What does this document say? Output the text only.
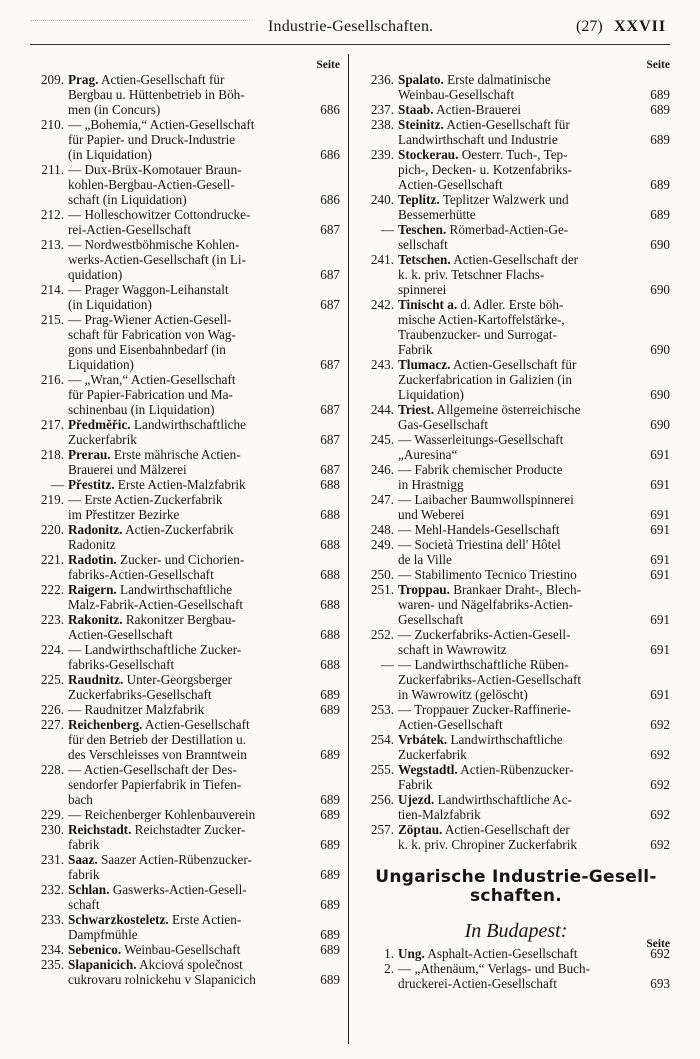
Industrie-Gesellschaften.	(27) XXVII
Seite
209. Prag. Actien-Gesellschaft für
Bergbau u. Hüttenbetrieb in Böh-
men (in Concurs)	686
210. — „Bohemia,“ Actien-Gesellschaft
für Papier- und Druck-Industrie
(in Liquidation)	686
211. — Dux-Brüx-Komotauer Braun-
kohlen-Bergbau-Actien-Gesell-
schaft (in Liquidation)	686
212. — Holleschowitzer Cottondrucke-
rei-Actien-Gesellschaft	687
213. — Nordwestböhmische Kohlen-
werks-Actien-Gesellschaft (in Li-
quidation)	687
214. — Prager Waggon-Leihanstalt
(in Liquidation)	687
215. — Prag-Wiener Actien-Gesell-
schaft für Fabrication von Wag-
gons und Eisenbahnbedarf (in
Liquidation)	687
216. — „Wran,“ Actien-Gesellschaft
für Papier-Fabrication und Ma-
schinenbau (in Liquidation)	687
217. Předměřic. Landwirthschaftliche
Zuckerfabrik	687
218. Prerau. Erste mährische Actien-
Brauerei und Mälzerei	687
— Přestitz. Erste Actien-Malzfabrik	688
219. — Erste Actien-Zuckerfabrik
im Přestitzer Bezirke	688
220. Radonitz. Actien-Zuckerfabrik
Radonitz	688
221. Radotin. Zucker- und Cichorien-
fabriks-Actien-Gesellschaft	688
222. Raigern. Landwirthschaftliche
Malz-Fabrik-Actien-Gesellschaft	688
223. Rakonitz. Rakonitzer Bergbau-
Actien-Gesellschaft	688
224. — Landwirthschaftliche Zucker-
fabriks-Gesellschaft	688
225. Raudnitz. Unter-Georgsberger
Zuckerfabriks-Gesellschaft	689
226. — Raudnitzer Malzfabrik	689
227. Reichenberg. Actien-Gesellschaft
für den Betrieb der Destillation u.
des Verschleisses von Branntwein	689
228. — Actien-Gesellschaft der Des-
sendorfer Papierfabrik in Tiefen-
bach	689
229. — Reichenberger Kohlenbauverein	689
230. Reichstadt. Reichstadter Zucker-
fabrik	689
231. Saaz. Saazer Actien-Rübenzucker-
fabrik	689
232. Schlan. Gaswerks-Actien-Gesell-
schaft	689
233. Schwarzkosteletz. Erste Actien-
Dampfmühle	689
234. Sebenico. Weinbau-Gesellschaft	689
235. Slapanicich. Akciová společnost
cukrovaru rolnickehu v Slapanicich	689
Seite
236. Spalato. Erste dalmatinische
Weinbau-Gesellschaft	689
237. Staab. Actien-Brauerei	689
238. Steinitz. Actien-Gesellschaft für
Landwirthschaft und Industrie	689
239. Stockerau. Oesterr. Tuch-, Tep-
pich-, Decken- u. Kotzenfabriks-
Actien-Gesellschaft	689
240. Teplitz. Teplitzer Walzwerk und
Bessemerhütte	689
— Teschen. Römerbad-Actien-Ge-
sellschaft	690
241. Tetschen. Actien-Gesellschaft der
k. k. priv. Tetschner Flachs-
spinnerei	690
242. Tinischt a. d. Adler. Erste böh-
mische Actien-Kartoffelstärke-,
Traubenzucker- und Surrogat-
Fabrik	690
243. Tlumacz. Actien-Gesellschaft für
Zuckerfabrication in Galizien (in
Liquidation)	690
244. Triest. Allgemeine österreichische
Gas-Gesellschaft	690
245. — Wasserleitungs-Gesellschaft
„Auresina“	691
246. — Fabrik chemischer Producte
in Hrastnigg	691
247. — Laibacher Baumwollspinnerei
und Weberei	691
248. — Mehl-Handels-Gesellschaft	691
249. — Società Triestina dell' Hôtel
de la Ville	691
250. — Stabilimento Tecnico Triestino	691
251. Troppau. Brankaer Draht-, Blech-
waren- und Nägelfabriks-Actien-
Gesellschaft	691
252. — Zuckerfabriks-Actien-Gesell-
schaft in Wawrowitz	691
— — Landwirthschaftliche Rüben-
Zuckerfabriks-Actien-Gesellschaft
in Wawrowitz (gelöscht)	691
253. — Troppauer Zucker-Raffinerie-
Actien-Gesellschaft	692
254. Vrbátek. Landwirthschaftliche
Zuckerfabrik	692
255. Wegstadtl. Actien-Rübenzucker-
Fabrik	692
256. Ujezd. Landwirthschaftliche Ac-
tien-Malzfabrik	692
257. Zöptau. Actien-Gesellschaft der
k. k. priv. Chropiner Zuckerfabrik	692
Ungarische Industrie-Gesell-
schaften.
In Budapest:
Seite
1. Ung. Asphalt-Actien-Gesellschaft	692
2. — „Athenäum,“ Verlags- und Buch-
druckerei-Actien-Gesellschaft	693
